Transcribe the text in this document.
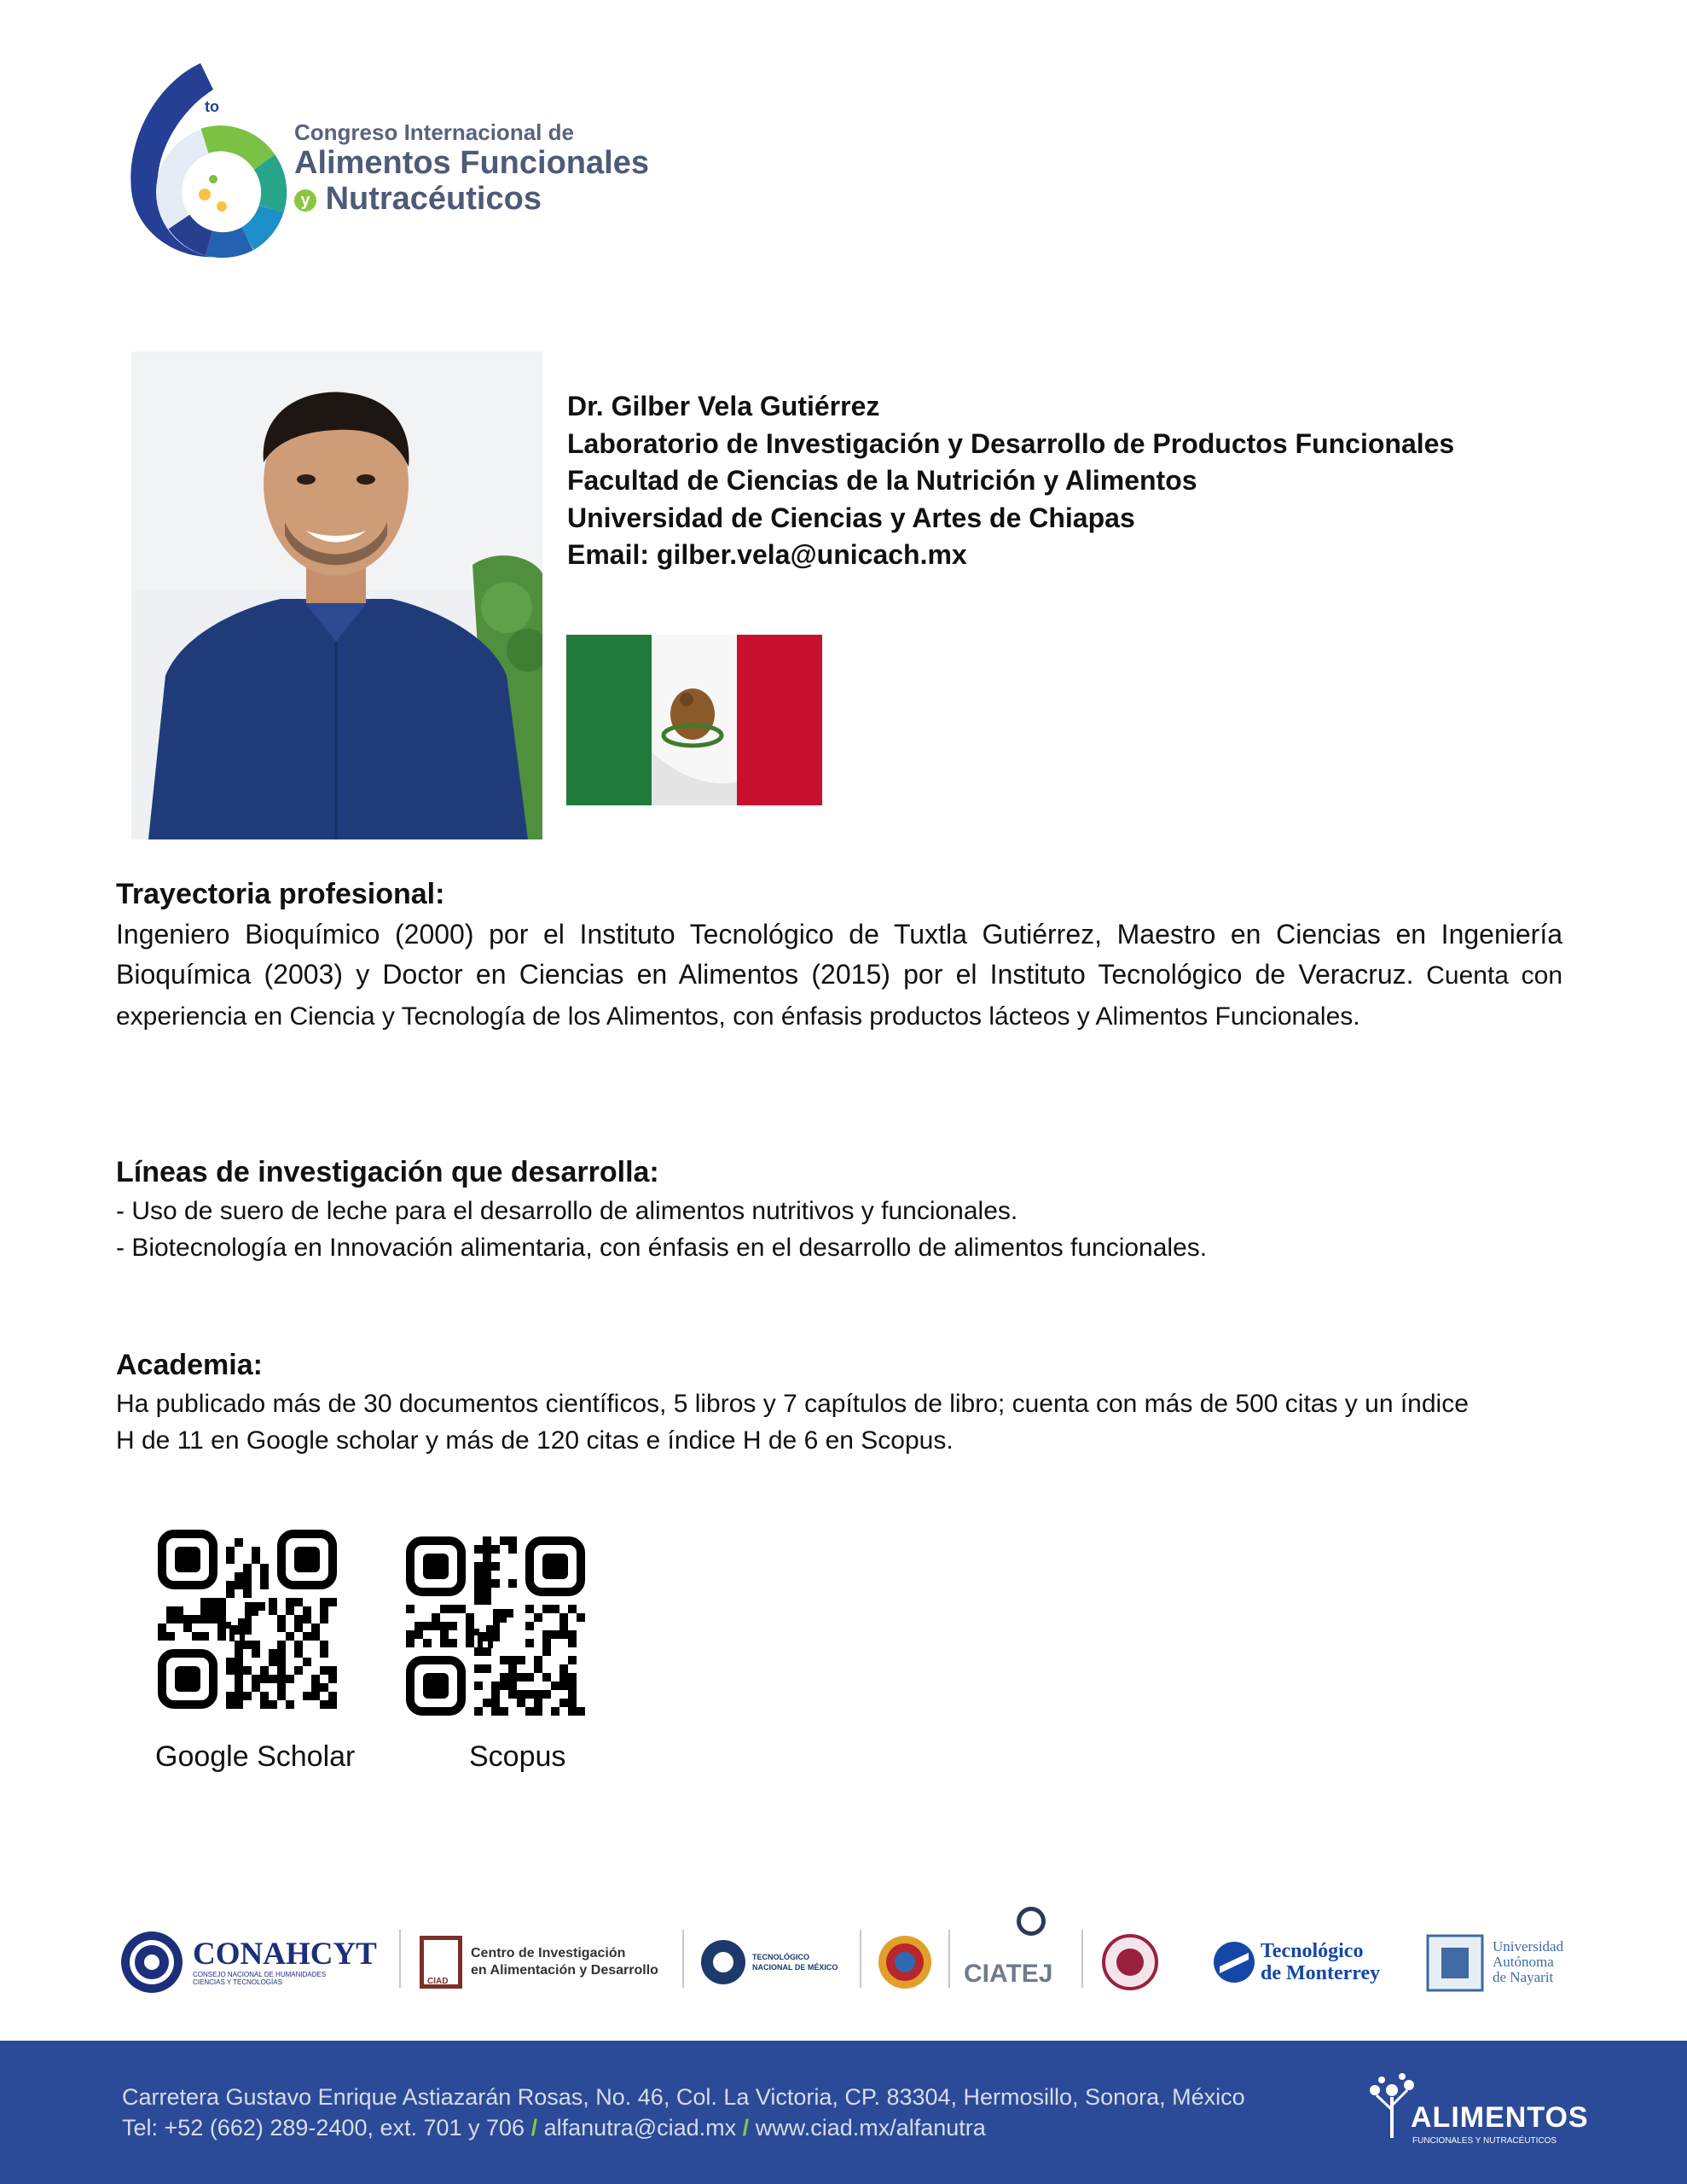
to
Congreso Internacional de
Alimentos Funcionales
y Nutracéuticos
Dr. Gilber Vela Gutiérrez
Laboratorio de Investigación y Desarrollo de Productos Funcionales
Facultad de Ciencias de la Nutrición y Alimentos
Universidad de Ciencias y Artes de Chiapas
Email: gilber.vela@unicach.mx
Trayectoria profesional:
Ingeniero Bioquímico (2000) por el Instituto Tecnológico de Tuxtla Gutiérrez, Maestro en Ciencias en Ingeniería Bioquímica (2003) y Doctor en Ciencias en Alimentos (2015) por el Instituto Tecnológico de Veracruz. Cuenta con experiencia en Ciencia y Tecnología de los Alimentos, con énfasis productos lácteos y Alimentos Funcionales.
Líneas de investigación que desarrolla:
- Uso de suero de leche para el desarrollo de alimentos nutritivos y funcionales.
- Biotecnología en Innovación alimentaria, con énfasis en el desarrollo de alimentos funcionales.
Academia:
Ha publicado más de 30 documentos científicos, 5 libros y 7 capítulos de libro; cuenta con más de 500 citas y un índice
H de 11 en Google scholar y más de 120 citas e índice H de 6 en Scopus.
Google Scholar	Scopus
CONAHCYT
CONSEJO NACIONAL DE HUMANIDADES
CIENCIAS Y TECNOLOGÍAS	CIAD
Centro de Investigación
en Alimentación y Desarrollo
TECNOLÓGICO
NACIONAL DE MÉXICO	CIATEJ
Tecnológico
de Monterrey
Universidad
Autónoma
de Nayarit
Carretera Gustavo Enrique Astiazarán Rosas, No. 46, Col. La Victoria, CP. 83304, Hermosillo, Sonora, México
Tel: +52 (662) 289-2400, ext. 701 y 706 / alfanutra@ciad.mx / www.ciad.mx/alfanutra	ALIMENTOS
FUNCIONALES Y NUTRACÉUTICOS
